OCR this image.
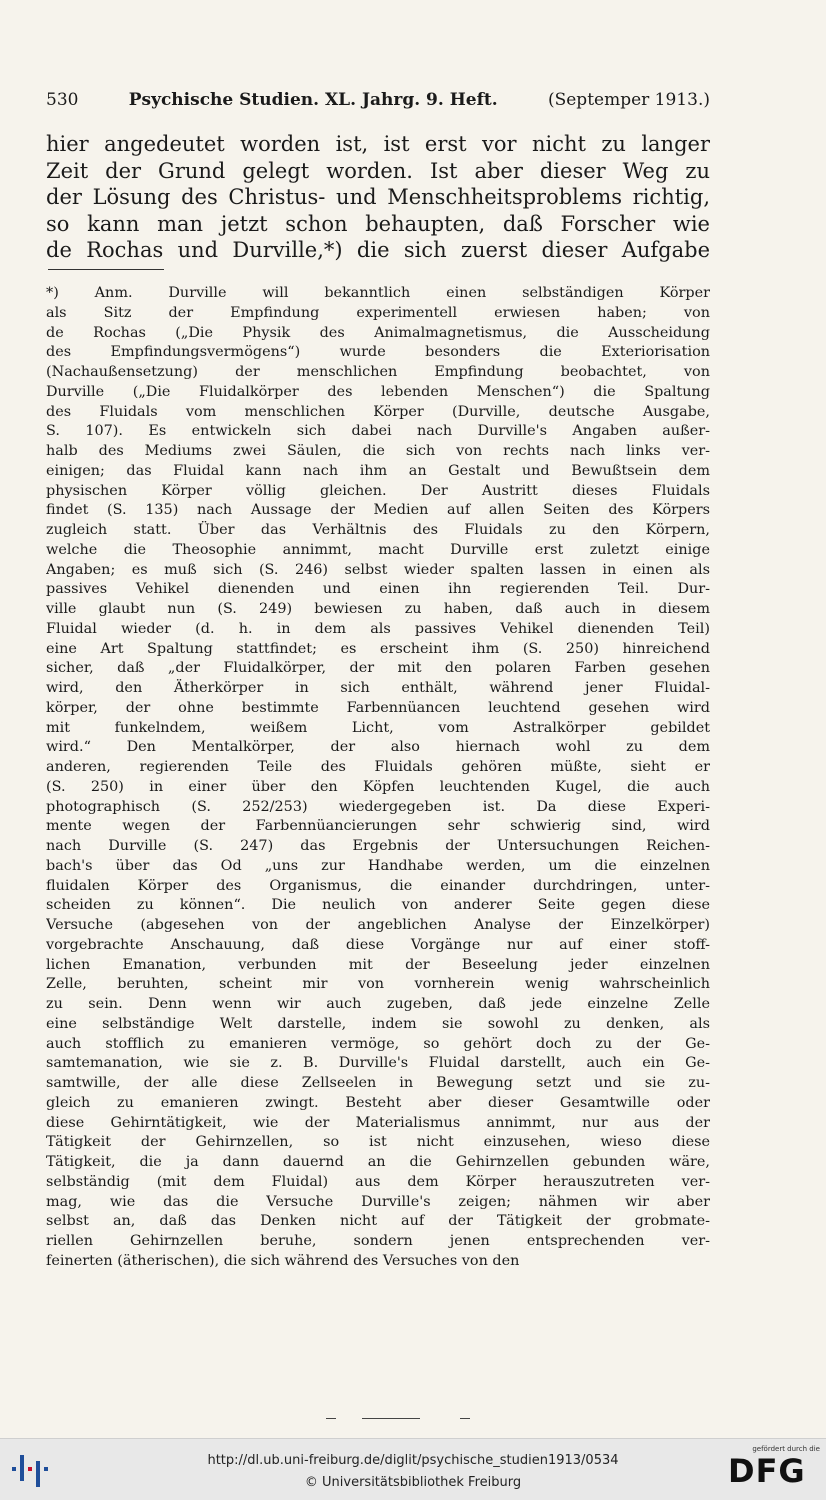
530	Psychische Studien. XL. Jahrg. 9. Heft.	(Septemper 1913.)
hier angedeutet worden ist, ist erst vor nicht zu langer
Zeit der Grund gelegt worden. Ist aber dieser Weg zu
der Lösung des Christus- und Menschheitsproblems richtig,
so kann man jetzt schon behaupten, daß Forscher wie
de Rochas und Durville,*) die sich zuerst dieser Aufgabe
*) Anm. Durville will bekanntlich einen selbständigen Körper
als Sitz der Empfindung experimentell erwiesen haben; von
de Rochas („Die Physik des Animalmagnetismus, die Ausscheidung
des Empfindungsvermögens“) wurde besonders die Exteriorisation
(Nachaußensetzung) der menschlichen Empfindung beobachtet, von
Durville („Die Fluidalkörper des lebenden Menschen“) die Spaltung
des Fluidals vom menschlichen Körper (Durville, deutsche Ausgabe,
S. 107). Es entwickeln sich dabei nach Durville's Angaben außer-
halb des Mediums zwei Säulen, die sich von rechts nach links ver-
einigen; das Fluidal kann nach ihm an Gestalt und Bewußtsein dem
physischen Körper völlig gleichen. Der Austritt dieses Fluidals
findet (S. 135) nach Aussage der Medien auf allen Seiten des Körpers
zugleich statt. Über das Verhältnis des Fluidals zu den Körpern,
welche die Theosophie annimmt, macht Durville erst zuletzt einige
Angaben; es muß sich (S. 246) selbst wieder spalten lassen in einen als
passives Vehikel dienenden und einen ihn regierenden Teil. Dur-
ville glaubt nun (S. 249) bewiesen zu haben, daß auch in diesem
Fluidal wieder (d. h. in dem als passives Vehikel dienenden Teil)
eine Art Spaltung stattfindet; es erscheint ihm (S. 250) hinreichend
sicher, daß „der Fluidalkörper, der mit den polaren Farben gesehen
wird, den Ätherkörper in sich enthält, während jener Fluidal-
körper, der ohne bestimmte Farbennüancen leuchtend gesehen wird
mit funkelndem, weißem Licht, vom Astralkörper gebildet
wird.“ Den Mentalkörper, der also hiernach wohl zu dem
anderen, regierenden Teile des Fluidals gehören müßte, sieht er
(S. 250) in einer über den Köpfen leuchtenden Kugel, die auch
photographisch (S. 252/253) wiedergegeben ist. Da diese Experi-
mente wegen der Farbennüancierungen sehr schwierig sind, wird
nach Durville (S. 247) das Ergebnis der Untersuchungen Reichen-
bach's über das Od „uns zur Handhabe werden, um die einzelnen
fluidalen Körper des Organismus, die einander durchdringen, unter-
scheiden zu können“. Die neulich von anderer Seite gegen diese
Versuche (abgesehen von der angeblichen Analyse der Einzelkörper)
vorgebrachte Anschauung, daß diese Vorgänge nur auf einer stoff-
lichen Emanation, verbunden mit der Beseelung jeder einzelnen
Zelle, beruhten, scheint mir von vornherein wenig wahrscheinlich
zu sein. Denn wenn wir auch zugeben, daß jede einzelne Zelle
eine selbständige Welt darstelle, indem sie sowohl zu denken, als
auch stofflich zu emanieren vermöge, so gehört doch zu der Ge-
samtemanation, wie sie z. B. Durville's Fluidal darstellt, auch ein Ge-
samtwille, der alle diese Zellseelen in Bewegung setzt und sie zu-
gleich zu emanieren zwingt. Besteht aber dieser Gesamtwille oder
diese Gehirntätigkeit, wie der Materialismus annimmt, nur aus der
Tätigkeit der Gehirnzellen, so ist nicht einzusehen, wieso diese
Tätigkeit, die ja dann dauernd an die Gehirnzellen gebunden wäre,
selbständig (mit dem Fluidal) aus dem Körper herauszutreten ver-
mag, wie das die Versuche Durville's zeigen; nähmen wir aber
selbst an, daß das Denken nicht auf der Tätigkeit der grobmate-
riellen Gehirnzellen beruhe, sondern jenen entsprechenden ver-
feinerten (ätherischen), die sich während des Versuches von den
http://dl.ub.uni-freiburg.de/diglit/psychische_studien1913/0534
© Universitätsbibliothek Freiburg
gefördert durch die
DFG
